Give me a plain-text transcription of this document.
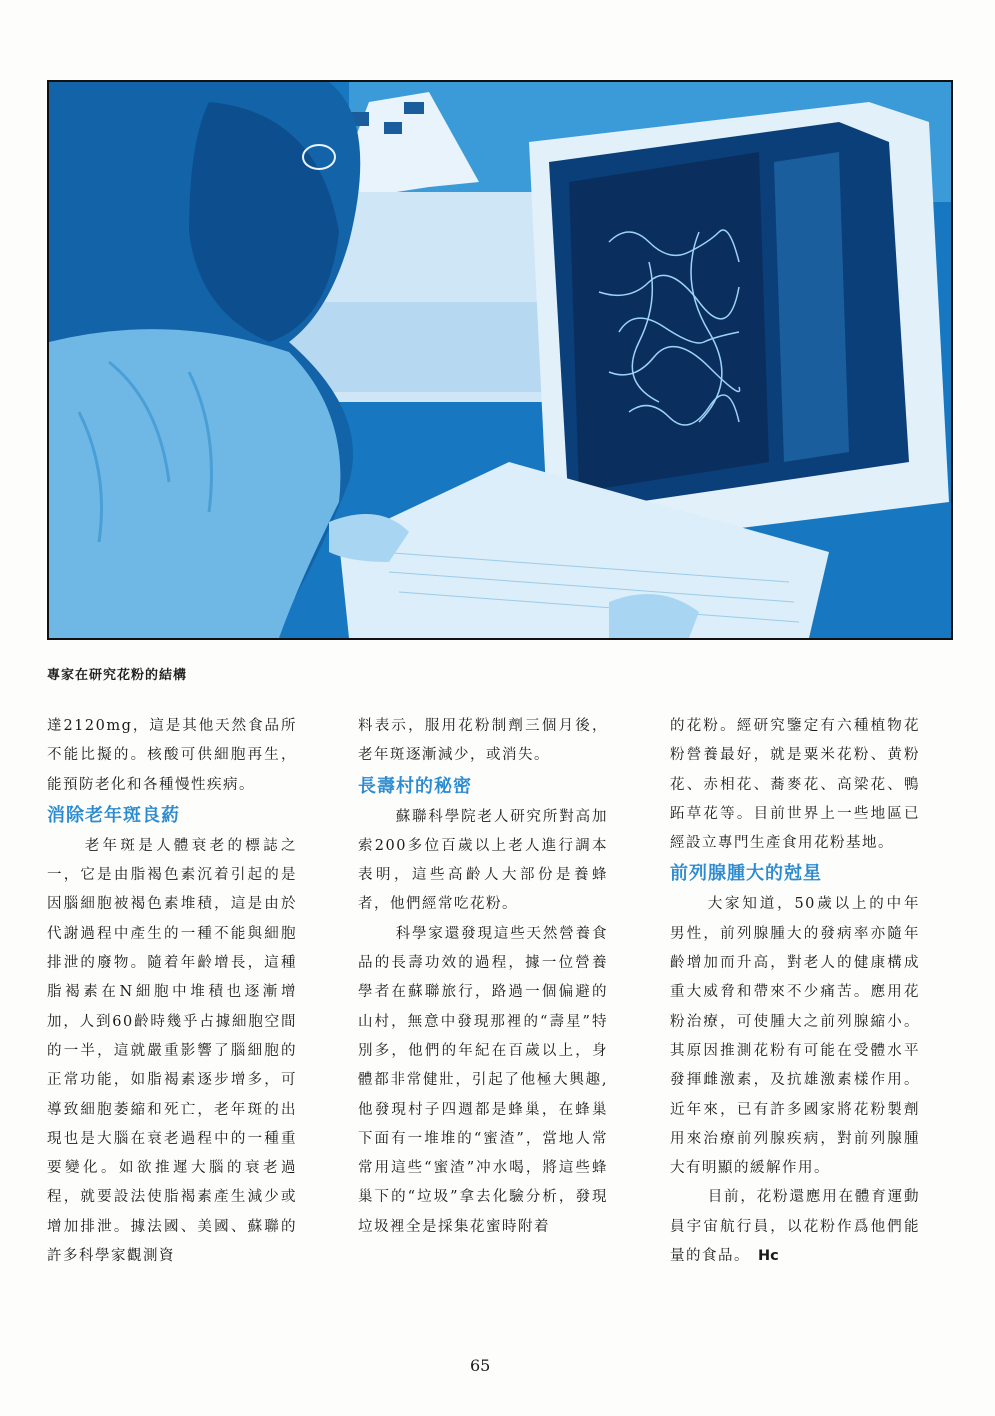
專家在研究花粉的結構

達2120mg，這是其他天然食品所不能比擬的。核酸可供細胞再生，能預防老化和各種慢性疾病。

消除老年斑良葯

老年斑是人體衰老的標誌之一，它是由脂褐色素沉着引起的是因腦細胞被褐色素堆積，這是由於代謝過程中產生的一種不能與細胞排泄的廢物。隨着年齡增長，這種脂褐素在N細胞中堆積也逐漸增加，人到60齡時幾乎占據細胞空間的一半，這就嚴重影響了腦細胞的正常功能，如脂褐素逐步增多，可導致細胞萎縮和死亡，老年斑的出現也是大腦在衰老過程中的一種重要變化。如欲推遲大腦的衰老過程，就要設法使脂褐素產生減少或增加排泄。據法國、美國、蘇聯的許多科學家觀測資

料表示，服用花粉制劑三個月後，老年斑逐漸減少，或消失。

長壽村的秘密

蘇聯科學院老人研究所對高加索200多位百歲以上老人進行調本表明，這些高齡人大部份是養蜂者，他們經常吃花粉。

科學家還發現這些天然營養食品的長壽功效的過程，據一位營養學者在蘇聯旅行，路過一個偏避的山村，無意中發現那裡的“壽星”特別多，他們的年紀在百歲以上，身體都非常健壯，引起了他極大興趣,他發現村子四週都是蜂巢，在蜂巢下面有一堆堆的“蜜渣”，當地人常常用這些“蜜渣”冲水喝，將這些蜂巢下的“垃圾”拿去化驗分析，發現垃圾裡全是採集花蜜時附着

的花粉。經研究鑒定有六種植物花粉營養最好，就是粟米花粉、黄粉花、赤相花、蕎麥花、高梁花、鴨跖草花等。目前世界上一些地區已經設立專門生產食用花粉基地。

前列腺腫大的尅星

大家知道，50歲以上的中年男性，前列腺腫大的發病率亦隨年齡增加而升高，對老人的健康構成重大威脅和帶來不少痛苦。應用花粉治療，可使腫大之前列腺縮小。其原因推測花粉有可能在受體水平發揮雌激素，及抗雄激素樣作用。近年來，已有許多國家將花粉製劑用來治療前列腺疾病，對前列腺腫大有明顯的緩解作用。

目前，花粉還應用在體育運動員宇宙航行員，以花粉作爲他們能量的食品。 Hc

65
